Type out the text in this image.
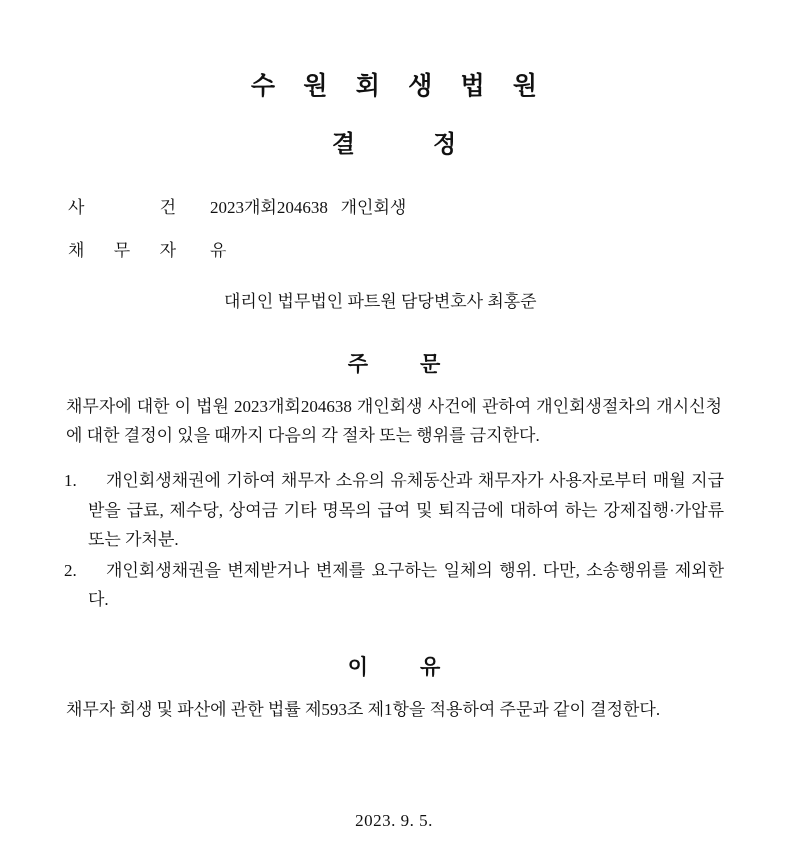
수 원 회 생 법 원
결	정
사	건 2023개회204638   개인회생
채 무 자 유
대리인 법무법인 파트원 담당변호사 최홍준
주 문
채무자에 대한 이 법원 2023개회204638 개인회생 사건에 관하여 개인회생절차의 개시신청에 대한 결정이 있을 때까지 다음의 각 절차 또는 행위를 금지한다.
1.	개인회생채권에 기하여 채무자 소유의 유체동산과 채무자가 사용자로부터 매월 지급받을 급료, 제수당, 상여금 기타 명목의 급여 및 퇴직금에 대하여 하는 강제집행·가압류 또는 가처분.
2.	개인회생채권을 변제받거나 변제를 요구하는 일체의 행위. 다만, 소송행위를 제외한다.
이 유
채무자 회생 및 파산에 관한 법률 제593조 제1항을 적용하여 주문과 같이 결정한다.
2023. 9. 5.
